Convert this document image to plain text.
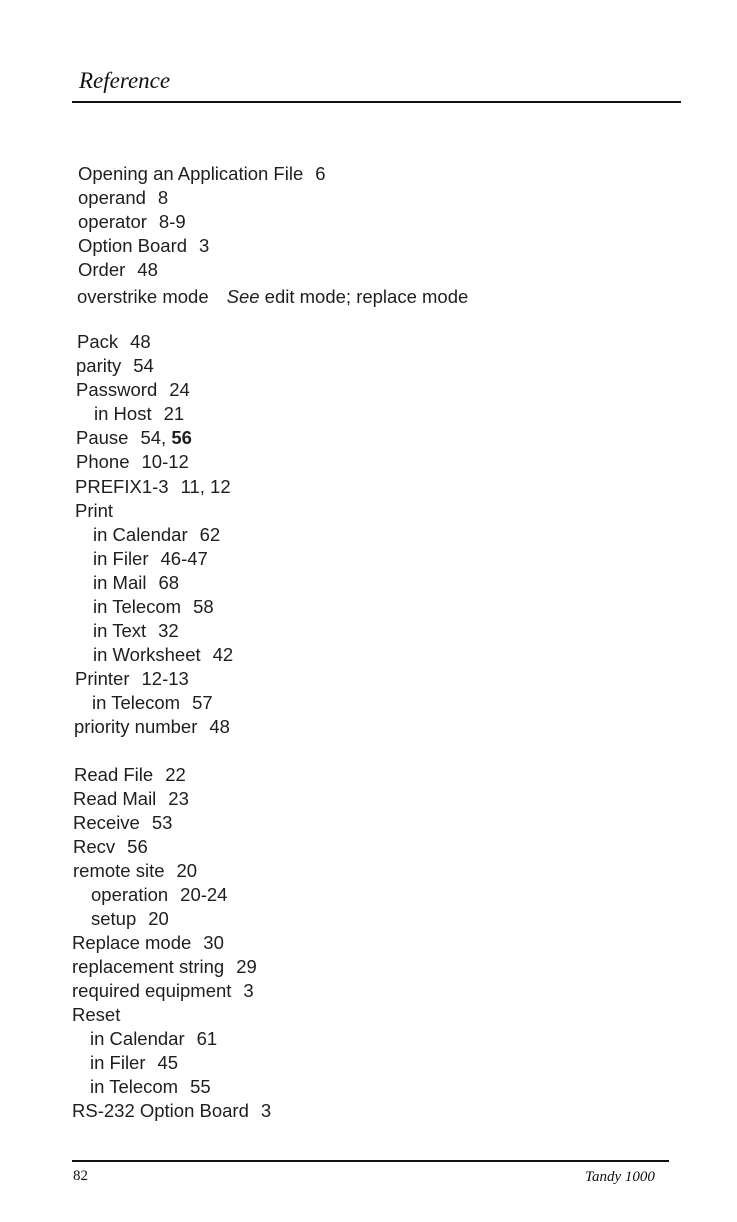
Reference
Opening an Application File 6
operand 8
operator 8-9
Option Board 3
Order 48
overstrike mode See edit mode; replace mode
Pack 48
parity 54
Password 24
in Host 21
Pause 54, 56
Phone 10-12
PREFIX1-3 11, 12
Print
in Calendar 62
in Filer 46-47
in Mail 68
in Telecom 58
in Text 32
in Worksheet 42
Printer 12-13
in Telecom 57
priority number 48
Read File 22
Read Mail 23
Receive 53
Recv 56
remote site 20
operation 20-24
setup 20
Replace mode 30
replacement string 29
required equipment 3
Reset
in Calendar 61
in Filer 45
in Telecom 55
RS-232 Option Board 3
82	Tandy 1000
